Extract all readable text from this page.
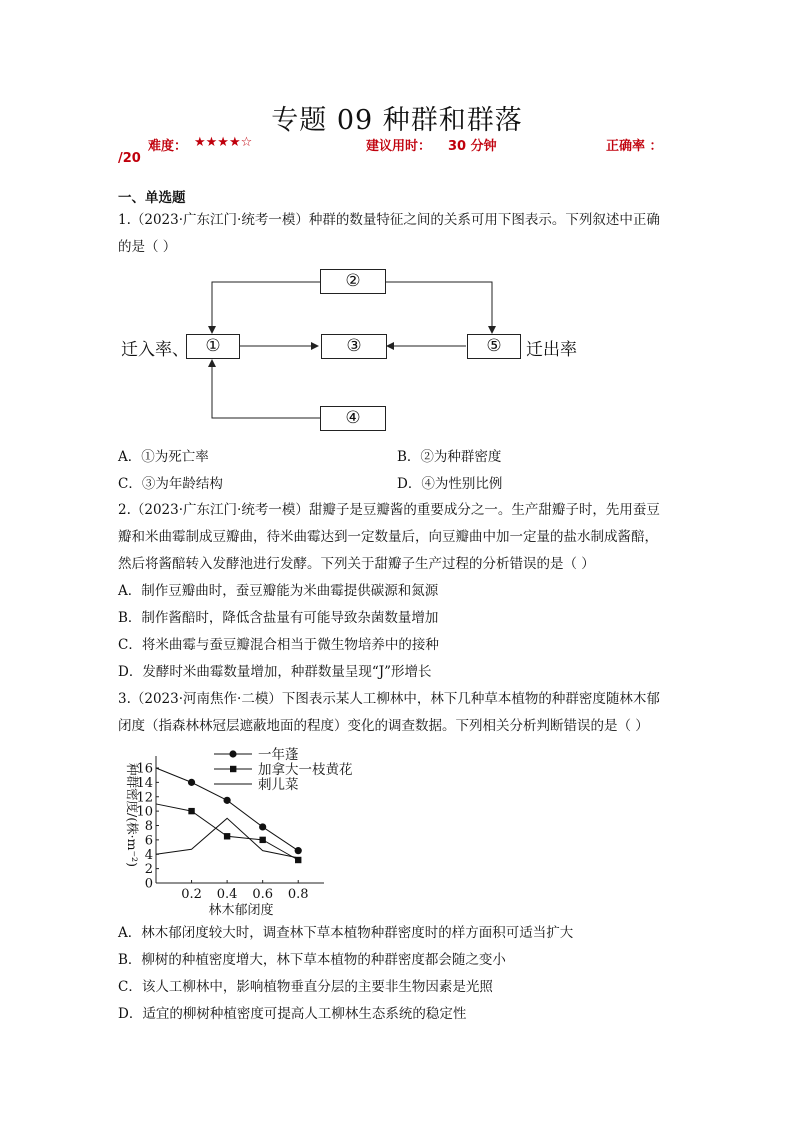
专题 09 种群和群落
难度： ★★★★☆	建议用时： 30 分钟	正确率 ：
/20
一、单选题
1.（2023·广东江门·统考一模）种群的数量特征之间的关系可用下图表示。下列叙述中正确
的是（ ）
②
①	③	⑤
④
迁入率、	迁出率
A．①为死亡率	B．②为种群密度
C．③为年龄结构	D．④为性别比例
2.（2023·广东江门·统考一模）甜瓣子是豆瓣酱的重要成分之一。生产甜瓣子时，先用蚕豆
瓣和米曲霉制成豆瓣曲，待米曲霉达到一定数量后，向豆瓣曲中加一定量的盐水制成酱醅，
然后将酱醅转入发酵池进行发酵。下列关于甜瓣子生产过程的分析错误的是（ ）
A．制作豆瓣曲时，蚕豆瓣能为米曲霉提供碳源和氮源
B．制作酱醅时，降低含盐量有可能导致杂菌数量增加
C．将米曲霉与蚕豆瓣混合相当于微生物培养中的接种
D．发酵时米曲霉数量增加，种群数量呈现“J”形增长
3.（2023·河南焦作·二模）下图表示某人工柳林中，林下几种草本植物的种群密度随林木郁
闭度（指森林林冠层遮蔽地面的程度）变化的调查数据。下列相关分析判断错误的是（ ）
0
2
4
6
8
10
12
14
16
0.2 0.4 0.6 0.8
林木郁闭度
种群密度/(株·m⁻²)
一年蓬
加拿大一枝黄花
刺儿菜
A．林木郁闭度较大时，调查林下草本植物种群密度时的样方面积可适当扩大
B．柳树的种植密度增大，林下草本植物的种群密度都会随之变小
C．该人工柳林中，影响植物垂直分层的主要非生物因素是光照
D．适宜的柳树种植密度可提高人工柳林生态系统的稳定性
